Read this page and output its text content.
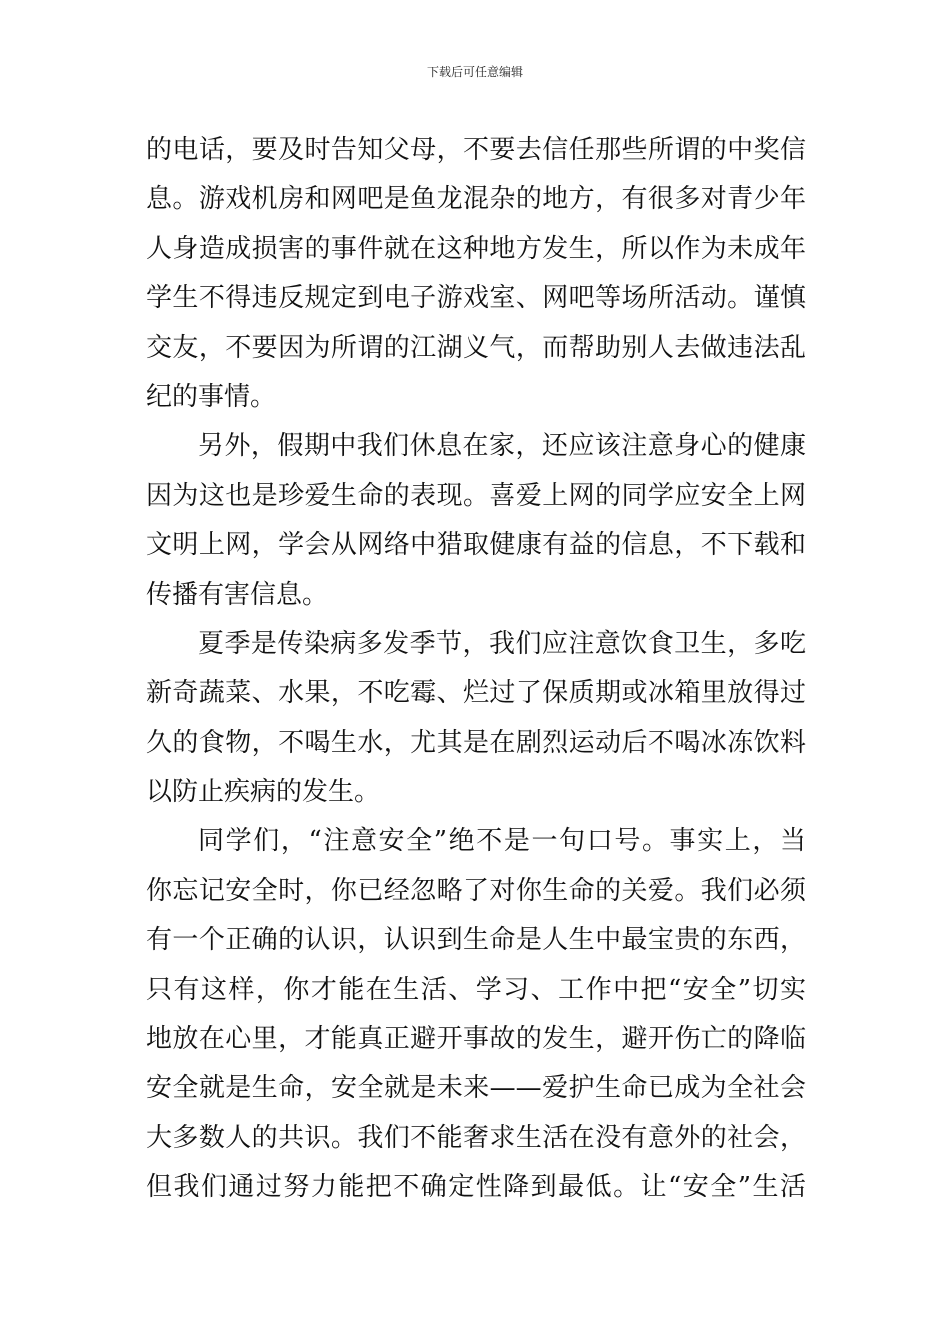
下载后可任意编辑
的电话，要及时告知父母，不要去信任那些所谓的中奖信
息。游戏机房和网吧是鱼龙混杂的地方，有很多对青少年
人身造成损害的事件就在这种地方发生，所以作为未成年
学生不得违反规定到电子游戏室、网吧等场所活动。谨慎
交友，不要因为所谓的江湖义气，而帮助别人去做违法乱
纪的事情。
另外，假期中我们休息在家，还应该注意身心的健康
因为这也是珍爱生命的表现。喜爱上网的同学应安全上网
文明上网，学会从网络中猎取健康有益的信息，不下载和
传播有害信息。
夏季是传染病多发季节，我们应注意饮食卫生，多吃
新奇蔬菜、水果，不吃霉、烂过了保质期或冰箱里放得过
久的食物，不喝生水，尤其是在剧烈运动后不喝冰冻饮料
以防止疾病的发生。
同学们，“注意安全”绝不是一句口号。事实上，当
你忘记安全时，你已经忽略了对你生命的关爱。我们必须
有一个正确的认识，认识到生命是人生中最宝贵的东西，
只有这样，你才能在生活、学习、工作中把“安全”切实
地放在心里，才能真正避开事故的发生，避开伤亡的降临
安全就是生命，安全就是未来——爱护生命已成为全社会
大多数人的共识。我们不能奢求生活在没有意外的社会，
但我们通过努力能把不确定性降到最低。让“安全”生活
